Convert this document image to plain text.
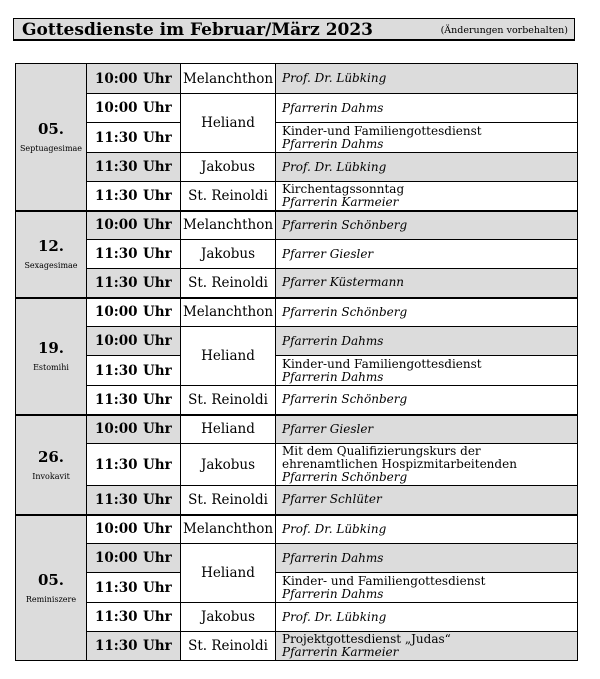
Gottesdienste im Februar/März 2023	(Änderungen vorbehalten)
05.
Septuagesimae	10:00 Uhr	Melanchthon	Prof. Dr. Lübking

	10:00 Uhr	Heliand	Pfarrerin Dahms

	11:30 Uhr		Kinder-und Familiengottesdienst
Pfarrerin Dahms

	11:30 Uhr	Jakobus	Prof. Dr. Lübking

	11:30 Uhr	St. Reinoldi	Kirchentagssonntag
Pfarrerin Karmeier

12.
Sexagesimae	10:00 Uhr	Melanchthon	Pfarrerin Schönberg

	11:30 Uhr	Jakobus	Pfarrer Giesler

	11:30 Uhr	St. Reinoldi	Pfarrer Küstermann

19.
Estomihi	10:00 Uhr	Melanchthon	Pfarrerin Schönberg

	10:00 Uhr	Heliand	Pfarrerin Dahms

	11:30 Uhr		Kinder-und Familiengottesdienst
Pfarrerin Dahms

	11:30 Uhr	St. Reinoldi	Pfarrerin Schönberg

26.
Invokavit	10:00 Uhr	Heliand	Pfarrer Giesler

	11:30 Uhr	Jakobus	Mit dem Qualifizierungskurs der ehrenamtlichen Hospizmitarbeitenden
Pfarrerin Schönberg

	11:30 Uhr	St. Reinoldi	Pfarrer Schlüter

05.
Reminiszere	10:00 Uhr	Melanchthon	Prof. Dr. Lübking

	10:00 Uhr	Heliand	Pfarrerin Dahms

	11:30 Uhr		Kinder- und Familiengottesdienst
Pfarrerin Dahms

	11:30 Uhr	Jakobus	Prof. Dr. Lübking

	11:30 Uhr	St. Reinoldi	Projektgottesdienst „Judas“
Pfarrerin Karmeier
